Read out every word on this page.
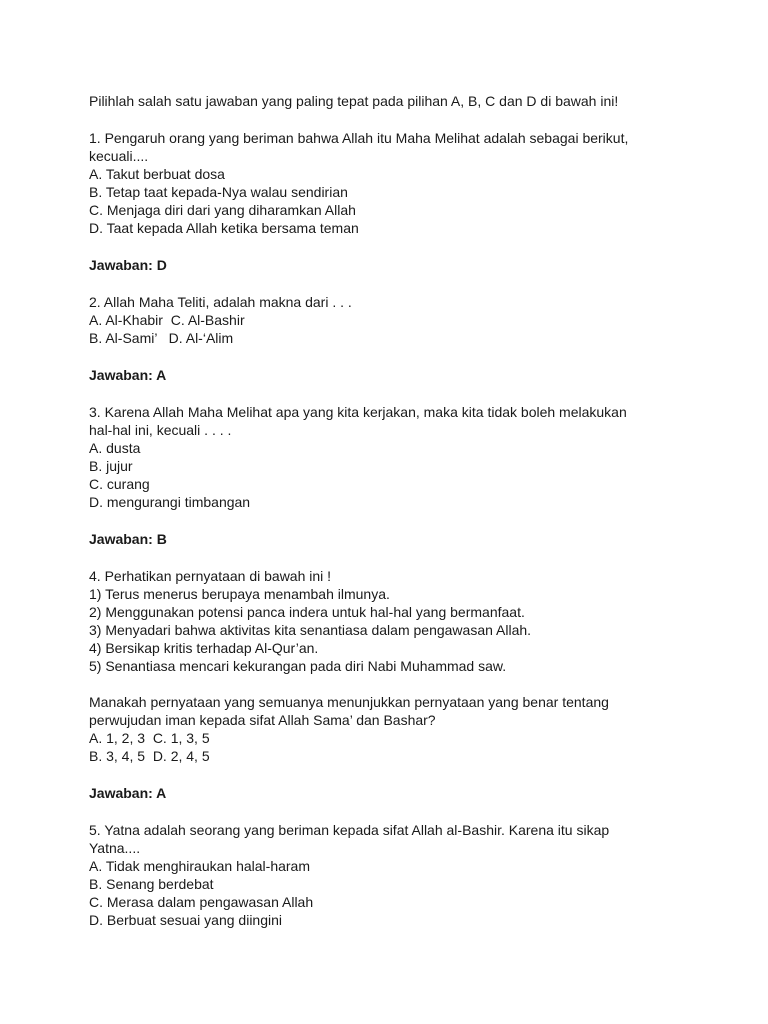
Pilihlah salah satu jawaban yang paling tepat pada pilihan A, B, C dan D di bawah ini!
1. Pengaruh orang yang beriman bahwa Allah itu Maha Melihat adalah sebagai berikut,
kecuali....
A. Takut berbuat dosa
B. Tetap taat kepada-Nya walau sendirian
C. Menjaga diri dari yang diharamkan Allah
D. Taat kepada Allah ketika bersama teman
Jawaban: D
2. Allah Maha Teliti, adalah makna dari . . .
A. Al-Khabir  C. Al-Bashir
B. Al-Sami’   D. Al-‘Alim
Jawaban: A
3. Karena Allah Maha Melihat apa yang kita kerjakan, maka kita tidak boleh melakukan
hal-hal ini, kecuali . . . .
A. dusta
B. jujur
C. curang
D. mengurangi timbangan
Jawaban: B
4. Perhatikan pernyataan di bawah ini !
1) Terus menerus berupaya menambah ilmunya.
2) Menggunakan potensi panca indera untuk hal-hal yang bermanfaat.
3) Menyadari bahwa aktivitas kita senantiasa dalam pengawasan Allah.
4) Bersikap kritis terhadap Al-Qur’an.
5) Senantiasa mencari kekurangan pada diri Nabi Muhammad saw.
Manakah pernyataan yang semuanya menunjukkan pernyataan yang benar tentang
perwujudan iman kepada sifat Allah Sama’ dan Bashar?
A. 1, 2, 3  C. 1, 3, 5
B. 3, 4, 5  D. 2, 4, 5
Jawaban: A
5. Yatna adalah seorang yang beriman kepada sifat Allah al-Bashir. Karena itu sikap
Yatna....
A. Tidak menghiraukan halal-haram
B. Senang berdebat
C. Merasa dalam pengawasan Allah
D. Berbuat sesuai yang diingini
